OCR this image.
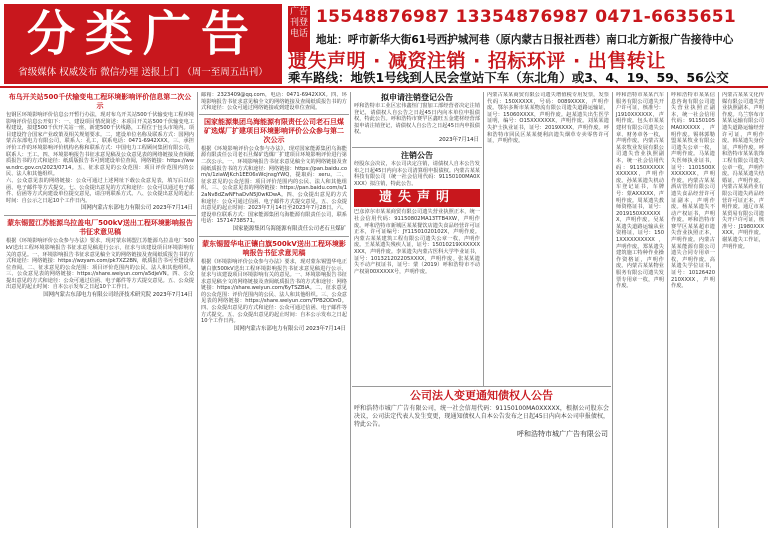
分类广告
省级媒体 权威发布 微信办理 送报上门 （周一至周五出刊）
广告刊登电话
15548876987 13354876987 0471-6635651
地址：呼市新华大街61号西护城河巷（原内蒙古日报社西巷）南口北方新报广告接待中心
遗失声明 · 减资注销 · 招标环评 · 出售转让
乘车路线：地铁1号线到人民会堂站下车（东北角）或3、4、19、59、56公交
布乌开关站500千伏输变电工程环境影响评价信息第二次公示
包钢区环境影响评价信息公开暂行办法，现对布乌开关站500千伏输变电工程环境影响评价信息公开如下：一、建设项目情况简述：本项目开关站500千伏输变电工程建设，拟建500千伏开关站一座，新建500千伏线路，工程位于包头市境内。项目建设符合国家产业政策及相关规划要求。二、建设单位名称及联系方式：国网内蒙古东部电力有限公司，联系人：孔工，联系电话：0471-6942XXX。三、承担评价工作的环境影响评价机构名称和联系方式：中国电力工程顾问集团有限公司，联系人：王工。四、环境影响报告书征求意见稿及公众意见表的网络链接及查阅纸质报告书的方式和途径：纸质版报告书可到建设单位查阅，网络链接：https://www.ndrc.gov.cn/2023/0714。五、征求意见的公众范围：项目评价范围内的公民、法人和其他组织。
六、公众意见表的网络链接：公众可通过上述网址下载公众意见表，填写后以信函、电子邮件等方式提交。七、公众提出意见的方式和途径：公众可以通过电子邮件、信函等方式向建设单位提交意见，请注明联系方式。八、公众提出意见的起止时间：自公示之日起10个工作日内。
国网内蒙古东部电力有限公司 2023年7月14日
蒙东锡盟江苏能源乌拉盖电厂500kV送出工程环境影响报告书征求意见稿
根据《环境影响评价公众参与办法》要求，现对蒙东锡盟江苏能源乌拉盖电厂500kV送出工程环境影响报告书征求意见稿进行公示，征求与该建设项目环境影响有关的意见。一、环境影响报告书征求意见稿全文的网络链接及查阅纸质报告书的方式和途径：网络链接：https://wzyam.com/pk7XZ2BN，纸质报告书可至建设单位查阅。二、征求意见的公众范围：项目评价范围内的公民、法人和其他组织。三、公众意见表的网络链接：https://share.weiyun.com/a5djeVN。四、公众提出意见的方式和途径：公众可通过信函、电子邮件等方式提交意见。五、公众提出意见的起止时间：自本公示发布之日起10个工作日。
国网内蒙古东部电力有限公司经济技术研究院 2023年7月14日
邮箱：2323409@qq.com，电话：0471-6942XXX。四、环境影响报告书征求意见稿全文的网络链接及查阅纸质报告书的方式和途径：公众可通过网络链接或到建设单位查阅。
国家能源集团乌海能源有限责任公司老石旦煤矿选煤厂扩建项目环境影响评价公众参与第二次公示
根据《环境影响评价公众参与办法》，现对国家能源集团乌海能源有限责任公司老石旦煤矿选煤厂扩建项目环境影响评价进行第二次公示。一、环境影响报告书征求意见稿全文的网络链接及查阅纸质报告书的方式和途径：网络链接：https://pan.baidu.com/s/1ziaWJKch1EE06sWcjnsgYWQ，提取码：xeru。二、征求意见的公众范围：项目评价范围内的公民、法人和其他组织。三、公众意见表的网络链接：https://pan.baidu.com/s/12aNv8dZwNFhaDvN5J0wKDwA。四、公众提出意见的方式和途径：公众可通过信函、电子邮件方式提交意见。五、公众提出意见的起止时间：2023年7月14日至2023年7月28日。六、建设单位联系方式：国家能源集团乌海能源有限责任公司，联系电话：15714738571。
国家能源集团乌海能源有限责任公司老石旦煤矿
蒙东锡盟华电正镶白旗500kV送出工程环境影响报告书征求意见稿
根据《环境影响评价公众参与办法》要求，现对蒙东锡盟华电正镶白旗500kV送出工程环境影响报告书征求意见稿进行公示，征求与该建设项目环境影响有关的意见。一、环境影响报告书征求意见稿全文的网络链接及查阅纸质报告书的方式和途径：网络链接：https://share.weiyun.com/6yTSZBiA。二、征求意见的公众范围：评价范围内的公民、法人和其他组织。三、公众意见表的网络链接：https://share.weiyun.com/TPB2ODnO。四、公众提出意见的方式和途径：公众可通过信函、电子邮件等方式提交。五、公众提出意见的起止时间：自本公示发布之日起10个工作日内。
国网内蒙古东部电力有限公司 2023年7月14日
拟申请注销登记公告
呼和浩特市工业区宏伟鑫恒门窗加工部经营者决定注销登记，请债权人自公告之日起45日内向本单位申报债权，特此公告。呼和浩特市赛罕区鑫旺五金建材经营部拟申请注销登记，请债权人自公告之日起45日内申报债权。
2023年7月14日
注销公告
经股东会决议，本公司决定注销，请债权人自本公告发布之日起45日内向本公司清算组申报债权。内蒙古某某科技有限公司（统一社会信用代码：91150100MA0XXXX）拟注销，特此公告。
遗失声明
巴彦淖尔市某某商贸有限公司遗失营业执照正本，统一社会信用代码：91150802MA13TTB4XW，声明作废。呼和浩特市新城区某某餐饮店遗失食品经营许可证正本，许可证编号：JY11501020102X，声明作废。内蒙古某某建筑工程有限公司遗失公章一枚，声明作废。王某某遗失残疾人证，证号：15010219XXXXXXXXX，声明作废。李某遗失内蒙古医科大学毕业证书，证号：101321202205XXXX，声明作废。张某某遗失不动产权证书，证号：蒙（2019）呼和浩特市不动产权第00XXXXX号，声明作废。
内蒙古某某商贸有限公司遗失增值税专用发票，发票代码：150XXXXX，号码：0089XXXX，声明作废。鄂尔多斯市某某物流有限公司遗失道路运输证，证号：15060XXXX，声明作废。赵某遗失出生医学证明，编号：O15XXXXXXX，声明作废。刘某某遗失护士执业证书，证号：2019XXXX，声明作废。呼和浩特市回民区某某便利店遗失烟草专卖零售许可证，声明作废。
公司法人变更通知债权人公告
呼和浩特市城广广告有限公司，统一社会信用代码：91150100MA0XXXXX，根据公司股东会决议，公司法定代表人发生变更，现通知债权人自本公告发布之日起45日内向本公司申报债权，特此公告。
呼和浩特市城广广告有限公司
呼和浩特市某某汽车服务有限公司遗失开户许可证，核准号：J1910XXXXXX，声明作废。包头市某某建材有限公司遗失公章、财务章各一枚，声明作废。内蒙古某某农牧业发展有限公司遗失营业执照副本，统一社会信用代码：91150XXXXXXXXXXX，声明作废。孙某某遗失机动车登记证书，车牌号：蒙AXXXXX，声明作废。周某遗失教师资格证书，证号：2019150XXXXXXX，声明作废。吴某某遗失道路运输从业资格证，证号：1501XXXXXXXXXX，声明作废。郑某遗失建筑施工特种作业操作资格证，声明作废。内蒙古某某物业服务有限公司遗失发票专用章一枚，声明作废。
呼和浩特市某某信息咨询有限公司遗失营业执照正副本，统一社会信用代码：91150105MA0XXXXX，声明作废。锡林郭勒盟某某牧业有限公司遗失公章一枚，声明作废。马某遗失医师执业证书，证号：1101500XXXXXXXX，声明作废。内蒙古某某酒店管理有限公司遗失食品经营许可证副本，声明作废。杨某某遗失不动产权证书，声明作废。呼和浩特市赛罕区某某超市遗失营业执照正本，声明作废。内蒙古某某能源有限公司遗失合同专用章一枚，声明作废。高某遗失学位证书，证号：10126420210XXXX，声明作废。
内蒙古某某文化传媒有限公司遗失营业执照副本，声明作废。乌兰察布市某某运输有限公司遗失道路运输经营许可证，声明作废。韩某遗失身份证，声明作废。呼和浩特市某某装饰工程有限公司遗失公章一枚，声明作废。冯某某遗失结婚证，声明作废。内蒙古某某药业有限公司遗失药品经营许可证正本，声明作废。通辽市某某贸易有限公司遗失开户许可证，核准号：J1980XXXXXX，声明作废。谢某遗失工作证，声明作废。
